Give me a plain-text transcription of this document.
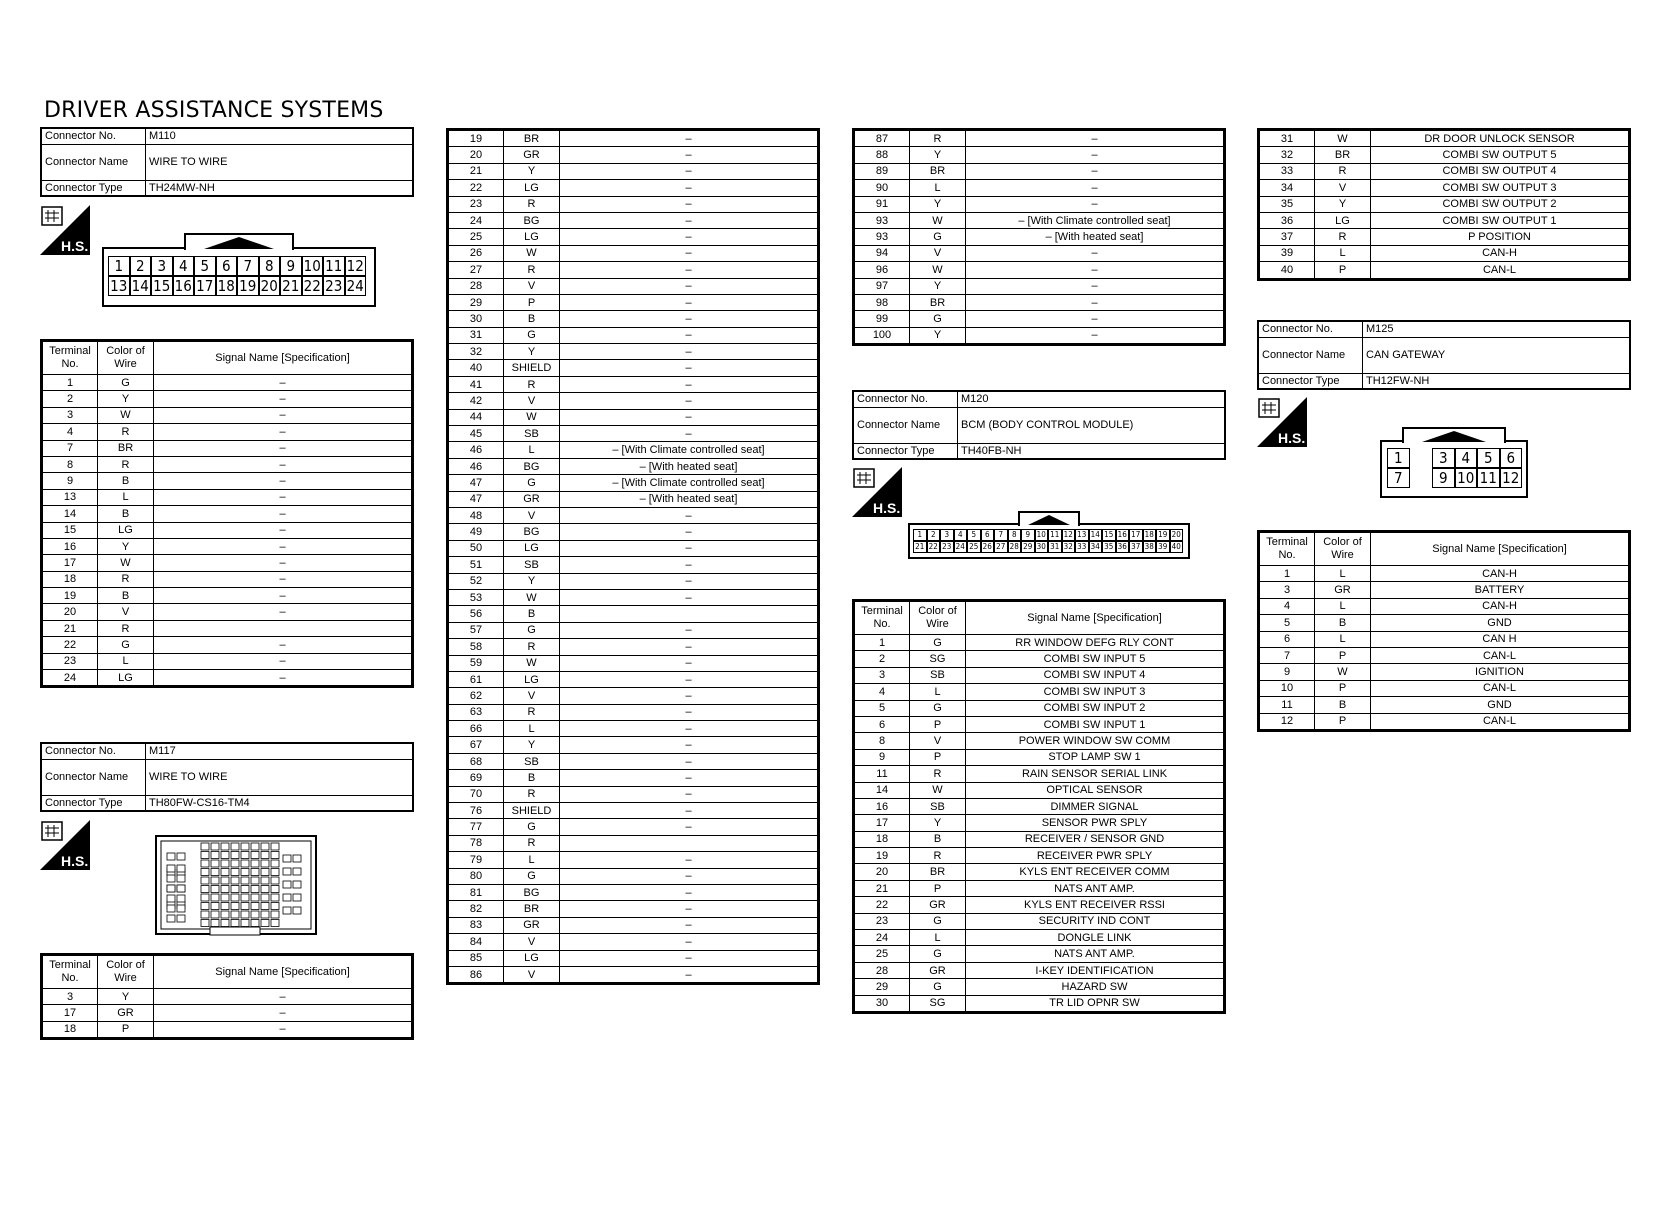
DRIVER ASSISTANCE SYSTEMS
Connector No.	M110
Connector Name	WIRE TO WIRE
Connector Type	TH24MW-NH
H.S.
1 2 3 4 5 6 7 8 9 10 11 12
13 14 15 16 17 18 19 20 21 22 23 24
Terminal No.	Color of Wire	Signal Name [Specification]
1	G	–
2	Y	–
3	W	–
4	R	–
7	BR	–
8	R	–
9	B	–
13	L	–
14	B	–
15	LG	–
16	Y	–
17	W	–
18	R	–
19	B	–
20	V	–
21	R	
22	G	–
23	L	–
24	LG	–
Connector No.	M117
Connector Name	WIRE TO WIRE
Connector Type	TH80FW-CS16-TM4
H.S.
Terminal No.	Color of Wire	Signal Name [Specification]
3	Y	–
17	GR	–
18	P	–
19	BR	–
20	GR	–
21	Y	–
22	LG	–
23	R	–
24	BG	–
25	LG	–
26	W	–
27	R	–
28	V	–
29	P	–
30	B	–
31	G	–
32	Y	–
40	SHIELD	–
41	R	–
42	V	–
44	W	–
45	SB	–
46	L	– [With Climate controlled seat]
46	BG	– [With heated seat]
47	G	– [With Climate controlled seat]
47	GR	– [With heated seat]
48	V	–
49	BG	–
50	LG	–
51	SB	–
52	Y	–
53	W	–
56	B	
57	G	–
58	R	–
59	W	–
61	LG	–
62	V	–
63	R	–
66	L	–
67	Y	–
68	SB	–
69	B	–
70	R	–
76	SHIELD	–
77	G	–
78	R	
79	L	–
80	G	–
81	BG	–
82	BR	–
83	GR	–
84	V	–
85	LG	–
86	V	–
87	R	–
88	Y	–
89	BR	–
90	L	–
91	Y	–
93	W	– [With Climate controlled seat]
93	G	– [With heated seat]
94	V	–
96	W	–
97	Y	–
98	BR	–
99	G	–
100	Y	–
Connector No.	M120
Connector Name	BCM (BODY CONTROL MODULE)
Connector Type	TH40FB-NH
H.S.
1	2	3	4	5	6	7	8	9 10 11 12 13 14 15 16 17 18 19 20
21 22 23 24 25 26 27 28 29 30 31 32 33 34 35 36 37 38 39 40
Terminal No.	Color of Wire	Signal Name [Specification]
1	G	RR WINDOW DEFG RLY CONT
2	SG	COMBI SW INPUT 5
3	SB	COMBI SW INPUT 4
4	L	COMBI SW INPUT 3
5	G	COMBI SW INPUT 2
6	P	COMBI SW INPUT 1
8	V	POWER WINDOW SW COMM
9	P	STOP LAMP SW 1
11	R	RAIN SENSOR SERIAL LINK
14	W	OPTICAL SENSOR
16	SB	DIMMER SIGNAL
17	Y	SENSOR PWR SPLY
18	B	RECEIVER / SENSOR GND
19	R	RECEIVER PWR SPLY
20	BR	KYLS ENT RECEIVER COMM
21	P	NATS ANT AMP.
22	GR	KYLS ENT RECEIVER RSSI
23	G	SECURITY IND CONT
24	L	DONGLE LINK
25	G	NATS ANT AMP.
28	GR	I-KEY IDENTIFICATION
29	G	HAZARD SW
30	SG	TR LID OPNR SW
31	W	DR DOOR UNLOCK SENSOR
32	BR	COMBI SW OUTPUT 5
33	R	COMBI SW OUTPUT 4
34	V	COMBI SW OUTPUT 3
35	Y	COMBI SW OUTPUT 2
36	LG	COMBI SW OUTPUT 1
37	R	P POSITION
39	L	CAN-H
40	P	CAN-L
Connector No.	M125
Connector Name	CAN GATEWAY
Connector Type	TH12FW-NH
H.S.
1	3 4 5 6
7	9 10 11 12
Terminal No.	Color of Wire	Signal Name [Specification]
1	L	CAN-H
3	GR	BATTERY
4	L	CAN-H
5	B	GND
6	L	CAN H
7	P	CAN-L
9	W	IGNITION
10	P	CAN-L
11	B	GND
12	P	CAN-L
